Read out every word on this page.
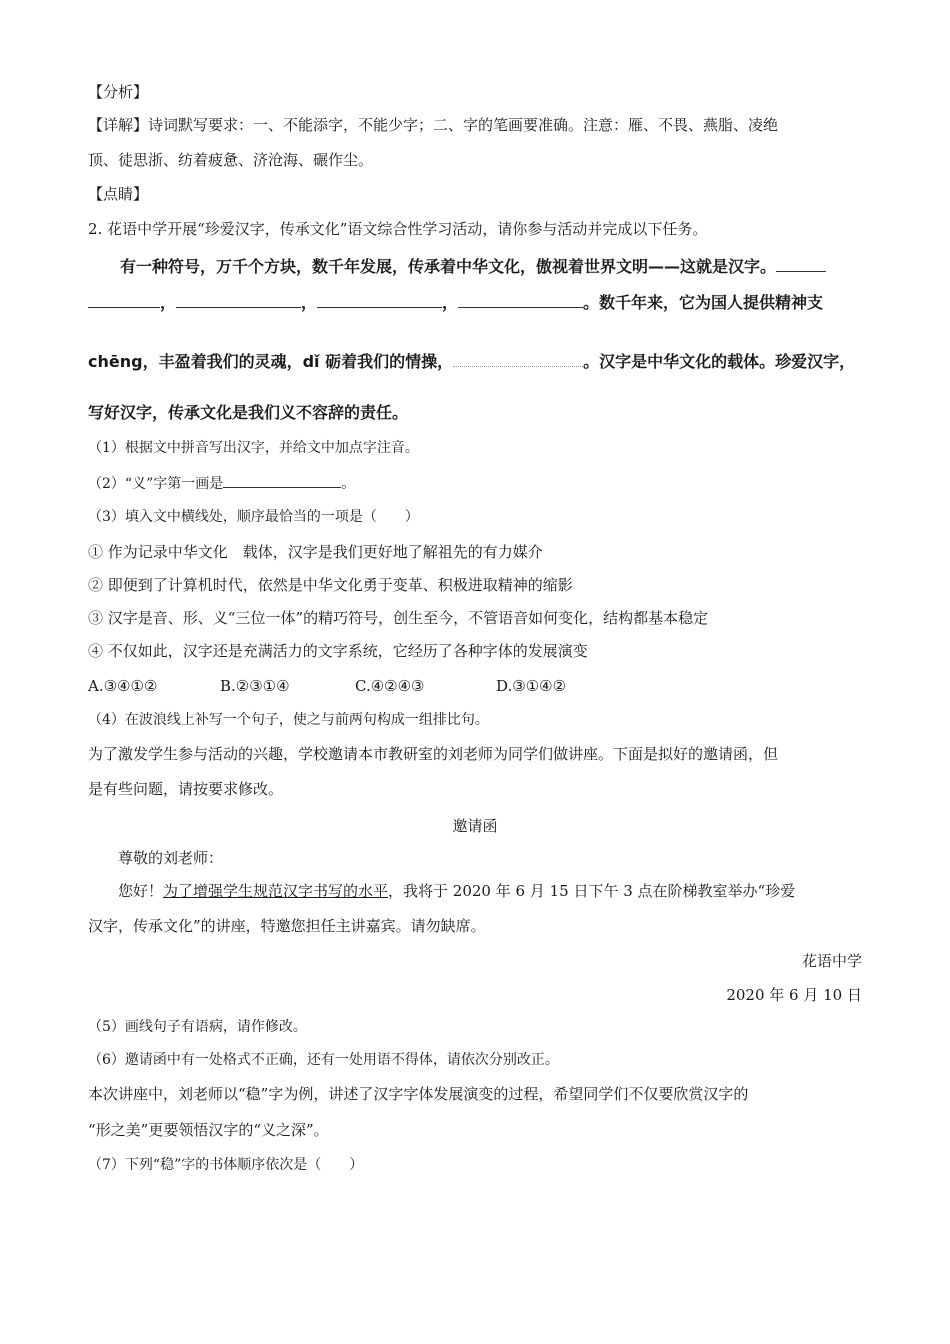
【分析】
【详解】诗词默写要求：一、不能添字，不能少字；二、字的笔画要准确。注意：雁、不畏、燕脂、凌绝
顶、徒思浙、纺着疲惫、济沧海、碾作尘。
【点睛】
2. 花语中学开展“珍爱汉字，传承文化”语文综合性学习活动，请你参与活动并完成以下任务。
有一种符号，万千个方块，数千年发展，传承着中华文化，傲视着世界文明——这就是汉字。
，	，	，	。数千年来，它为国人提供精神支
chēng，丰盈着我们的灵魂，dǐ 砺着我们的情操，	。汉字是中华文化的载体。珍爱汉字，
写好汉字，传承文化是我们义不容辞的责任。
（1）根据文中拼音写出汉字，并给文中加点字注音。
（2）“义”字第一画是	。
（3）填入文中横线处，顺序最恰当的一项是（　　）
① 作为记录中华文化　载体，汉字是我们更好地了解祖先的有力媒介
② 即便到了计算机时代，依然是中华文化勇于变革、积极进取精神的缩影
③ 汉字是音、形、义“三位一体”的精巧符号，创生至今，不管语音如何变化，结构都基本稳定
④ 不仅如此，汉字还是充满活力的文字系统，它经历了各种字体的发展演变
A.③④①②	B.②③①④	C.④②④③	D.③①④②
（4）在波浪线上补写一个句子，使之与前两句构成一组排比句。
为了激发学生参与活动的兴趣，学校邀请本市教研室的刘老师为同学们做讲座。下面是拟好的邀请函，但
是有些问题，请按要求修改。
邀请函
尊敬的刘老师：
您好！为了增强学生规范汉字书写的水平，我将于 2020 年 6 月 15 日下午 3 点在阶梯教室举办“珍爱
汉字，传承文化”的讲座，特邀您担任主讲嘉宾。请勿缺席。
花语中学
2020 年 6 月 10 日
（5）画线句子有语病，请作修改。
（6）邀请函中有一处格式不正确，还有一处用语不得体，请依次分别改正。
本次讲座中，刘老师以“稳”字为例，讲述了汉字字体发展演变的过程，希望同学们不仅要欣赏汉字的
“形之美”更要领悟汉字的“义之深”。
（7）下列“稳”字的书体顺序依次是（　　）
